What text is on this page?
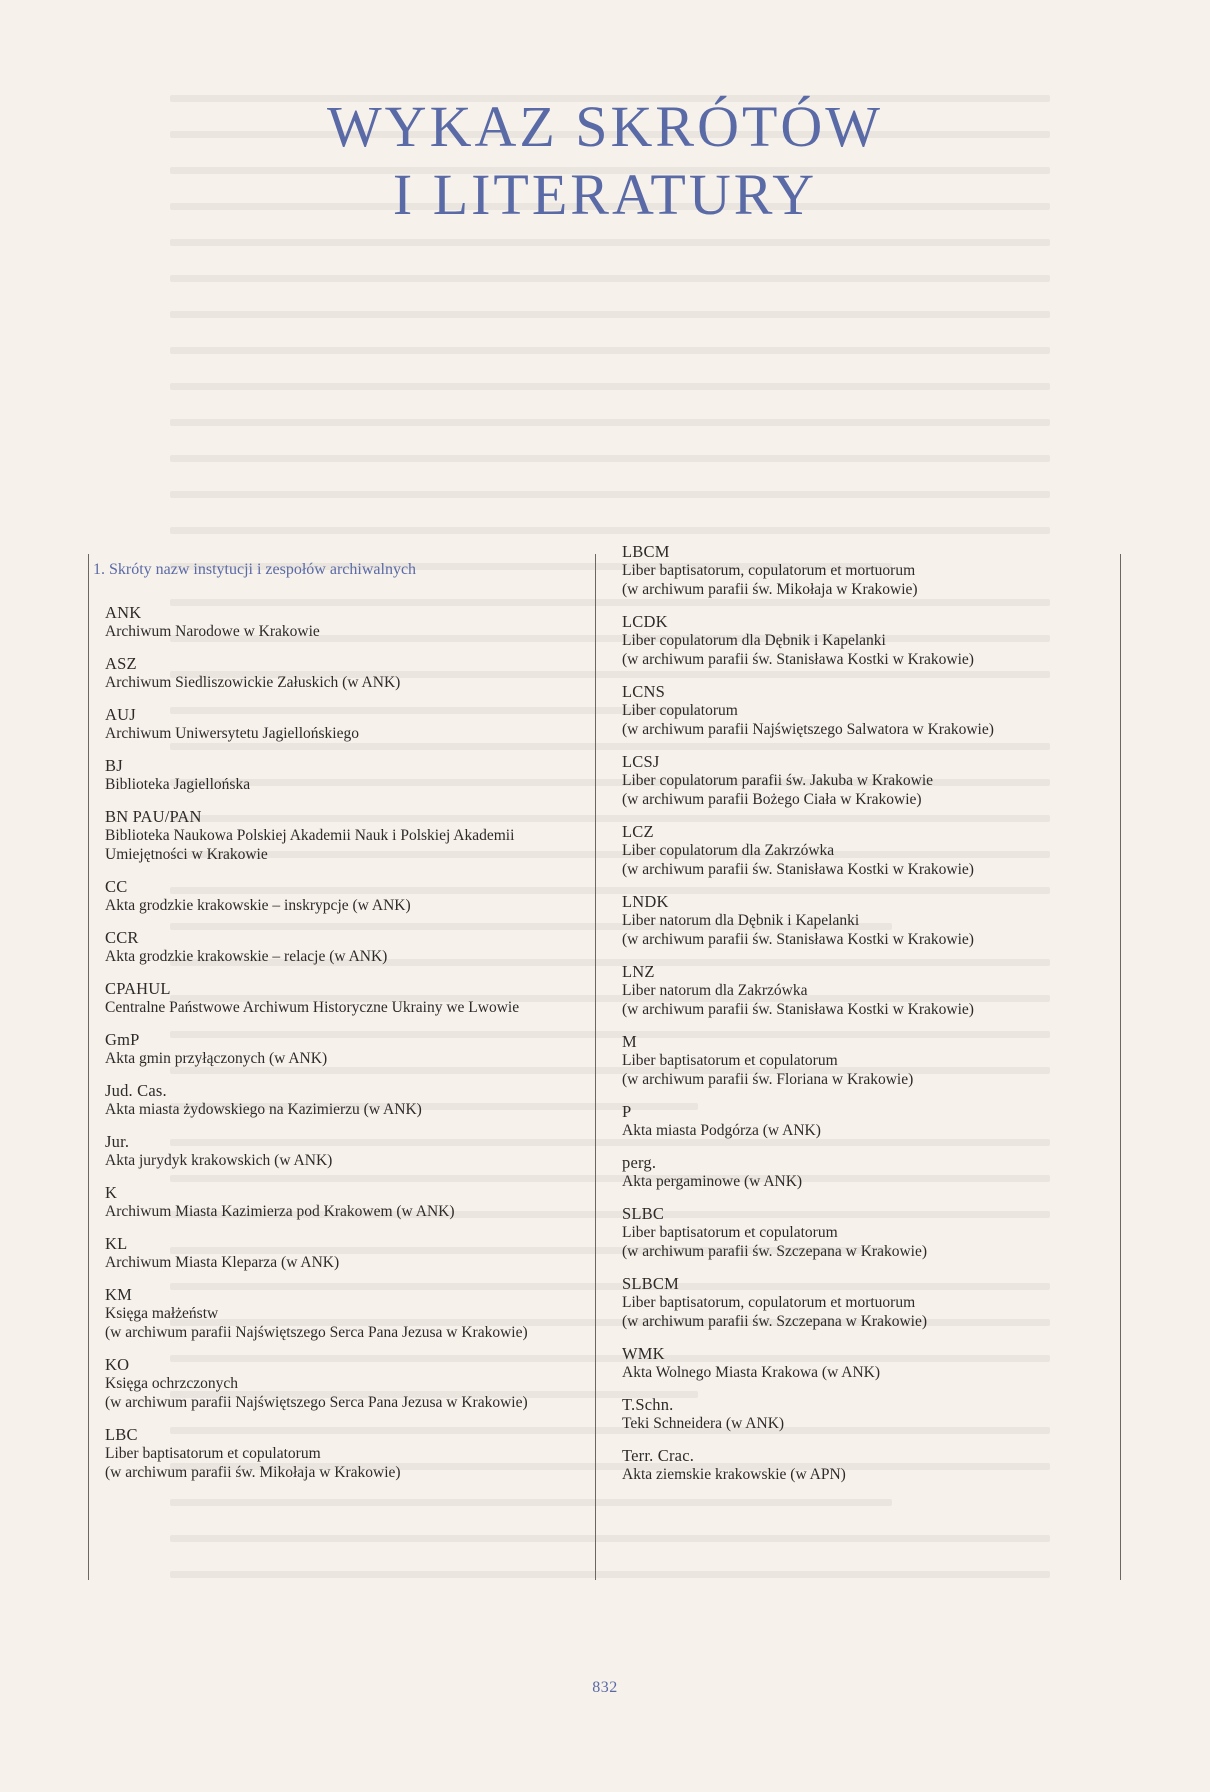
WYKAZ SKRÓTÓW
I LITERATURY
1. Skróty nazw instytucji i zespołów archiwalnych
ANK
Archiwum Narodowe w Krakowie
ASZ
Archiwum Siedliszowickie Załuskich (w ANK)
AUJ
Archiwum Uniwersytetu Jagiellońskiego
BJ
Biblioteka Jagiellońska
BN PAU/PAN
Biblioteka Naukowa Polskiej Akademii Nauk i Polskiej Akademii
Umiejętności w Krakowie
CC
Akta grodzkie krakowskie – inskrypcje (w ANK)
CCR
Akta grodzkie krakowskie – relacje (w ANK)
CPAHUL
Centralne Państwowe Archiwum Historyczne Ukrainy we Lwowie
GmP
Akta gmin przyłączonych (w ANK)
Jud. Cas.
Akta miasta żydowskiego na Kazimierzu (w ANK)
Jur.
Akta jurydyk krakowskich (w ANK)
K
Archiwum Miasta Kazimierza pod Krakowem (w ANK)
KL
Archiwum Miasta Kleparza (w ANK)
KM
Księga małżeństw
(w archiwum parafii Najświętszego Serca Pana Jezusa w Krakowie)
KO
Księga ochrzczonych
(w archiwum parafii Najświętszego Serca Pana Jezusa w Krakowie)
LBC
Liber baptisatorum et copulatorum
(w archiwum parafii św. Mikołaja w Krakowie)
LBCM
Liber baptisatorum, copulatorum et mortuorum
(w archiwum parafii św. Mikołaja w Krakowie)
LCDK
Liber copulatorum dla Dębnik i Kapelanki
(w archiwum parafii św. Stanisława Kostki w Krakowie)
LCNS
Liber copulatorum
(w archiwum parafii Najświętszego Salwatora w Krakowie)
LCSJ
Liber copulatorum parafii św. Jakuba w Krakowie
(w archiwum parafii Bożego Ciała w Krakowie)
LCZ
Liber copulatorum dla Zakrzówka
(w archiwum parafii św. Stanisława Kostki w Krakowie)
LNDK
Liber natorum dla Dębnik i Kapelanki
(w archiwum parafii św. Stanisława Kostki w Krakowie)
LNZ
Liber natorum dla Zakrzówka
(w archiwum parafii św. Stanisława Kostki w Krakowie)
M
Liber baptisatorum et copulatorum
(w archiwum parafii św. Floriana w Krakowie)
P
Akta miasta Podgórza (w ANK)
perg.
Akta pergaminowe (w ANK)
SLBC
Liber baptisatorum et copulatorum
(w archiwum parafii św. Szczepana w Krakowie)
SLBCM
Liber baptisatorum, copulatorum et mortuorum
(w archiwum parafii św. Szczepana w Krakowie)
WMK
Akta Wolnego Miasta Krakowa (w ANK)
T.Schn.
Teki Schneidera (w ANK)
Terr. Crac.
Akta ziemskie krakowskie (w APN)
832
